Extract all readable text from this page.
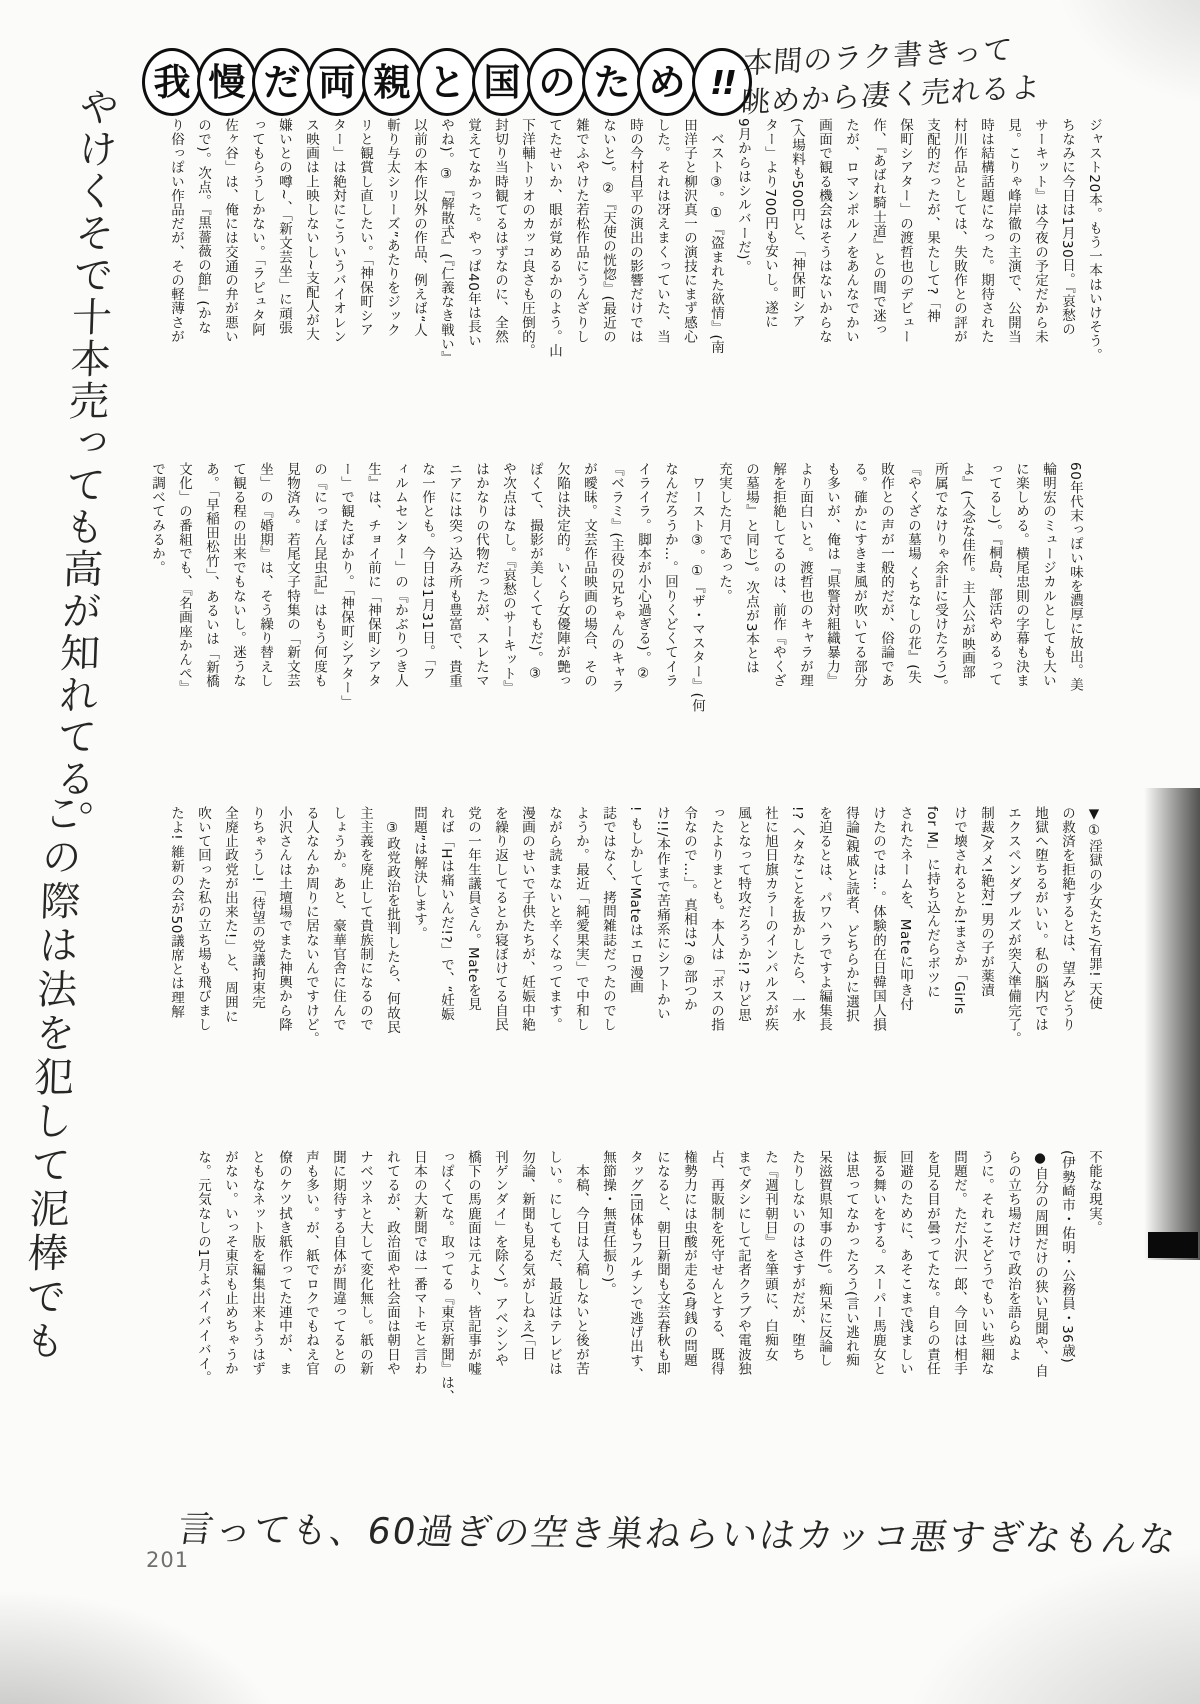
我 慢 だ 両 親 と 国 の た め !!
本間のラク書きって
眺めから凄く売れるよ
やけくそで十本売っても高が知れてる。
この際は法を犯して泥棒でも
言っても、60過ぎの空き巣ねらいはカッコ悪すぎなもんな

ジャスト20本。もう一本はいけそう。

ちなみに今日は1月30日。『哀愁の

サーキット』は今夜の予定だから未

見。こりゃ峰岸徹の主演で、公開当

時は結構話題になった。期待された

村川作品としては、失敗作との評が

支配的だったが、果たして?「神

保町シアター」の渡哲也のデビュー

作、『あばれ騎士道』との間で迷っ

たが、ロマンポルノをあんなでかい

画面で観る機会はそうはないからな

(入場料も500円と、「神保町シア

ター」より700円も安いし。遂に

9月からはシルバーだ)。

　ベスト③。①『盗まれた欲情』(南

田洋子と柳沢真一の演技にまず感心

した。それは冴えまくっていた、当

時の今村昌平の演出の影響だけでは

ないと)。②『天使の恍惚』(最近の

雑でふやけた若松作品にうんざりし

てたせいか、眼が覚めるかのよう。山

下洋輔トリオのカッコ良さも圧倒的。

封切り当時観てるはずなのに、全然

覚えてなかった。やっぱ40年は長い

やね)。③『解散式』(『仁義なき戦い』

以前の本作以外の作品、例えば“人

斬り与太シリーズ”あたりをジック

リと観賞し直したい。「神保町シア

ター」は絶対にこういうバイオレン

ス映画は上映しないし~支配人が大

嫌いとの噂~、「新文芸坐」に頑張

ってもらうしかない。「ラピュタ阿

佐ヶ谷」は、俺には交通の弁が悪い

ので)。次点。『黒薔薇の館』(かな

り俗っぽい作品だが、その軽薄さが

60年代末っぽい味を濃厚に放出。美

輪明宏のミュージカルとしても大い

に楽しめる。横尾忠則の字幕も決ま

ってるし)。『桐島、部活やめるって

よ』(入念な佳作。主人公が映画部

所属でなけりゃ余計に受けたろう)。

『やくざの墓場 くちなしの花』(失

敗作との声が一般的だが、俗論であ

る。確かにすきま風が吹いてる部分

も多いが、俺は『県警対組織暴力』

より面白いと。渡哲也のキャラが理

解を拒絶してるのは、前作『やくざ

の墓場』と同じ)。次点が3本とは

充実した月であった。

　ワースト③。①『ザ・マスター』(何

なんだろうか…。回りくどくてイラ

イライラ。脚本が小心過ぎる)。②

『ベラミ』(主役の兄ちゃんのキャラ

が曖昧。文芸作品映画の場合、その

欠陥は決定的。いくら女優陣が艶っ

ぽくて、撮影が美しくてもだ)。③

や次点はなし。『哀愁のサーキット』

はかなりの代物だったが、スレたマ

ニアには突っ込み所も豊富で、貴重

な一作とも。今日は1月31日。「フ

ィルムセンター」の『かぶりつき人

生』は、チョイ前に「神保町シアタ

ー」で観たばかり。「神保町シアター」

の『にっぽん昆虫記』はもう何度も

見物済み。若尾文子特集の「新文芸

坐」の『婚期』は、そう繰り替えし

て観る程の出来でもないし。迷うな

あ。「早稲田松竹」、あるいは「新橋

文化」の番組でも、『名画座かんぺ』

で調べてみるか。

▼①淫獄の少女たち/有罪! 天使

の救済を拒絶するとは、望みどうり

地獄へ堕ちるがいい。私の脳内では

エクスペンダブルズが突入準備完了。

制裁/ダメ!絶対! 男の子が薬漬

けで壊されるとか!まさか「Girls

for M」に持ち込んだらボツに

されたネームを、Mateに叩き付

けたのでは…。体験的在日韓国人損

得論/親戚と読者、どちらかに選択

を迫るとは、パワハラですよ編集長

!? ヘタなことを抜かしたら、一水

社に旭日旗カラーのインパルスが疾

風となって特攻だろうか!? けど思

ったよりまとも。本人は「ボスの指

令なので…」。真相は? ②部つか

け!!/本作まで苦痛系にシフトかい

! もしかしてMateはエロ漫画

誌ではなく、拷問雑誌だったのでし

ようか。最近「純愛果実」で中和し

ながら読まないと辛くなってます。

漫画のせいで子供たちが、妊娠中絶

を繰り返してるとか寝ぼけてる自民

党の一年生議員さん。Mateを見

れば「Hは痛いんだ!?」で、“妊娠

問題”は解決します。

　③政党政治を批判したら、何故民

主主義を廃止して貴族制になるので

しょうか。あと、豪華官舎に住んで

る人なんか周りに居ないんですけど。

小沢さんは土壇場でまた神輿から降

りちゃうし!「待望の党議拘束完

全廃止政党が出来た!」と、周囲に

吹いて回った私の立ち場も飛びまし

たよ! 維新の会が50議席とは理解

不能な現実。

(伊勢崎市・佑明・公務員・36歳)

●自分の周囲だけの狭い見聞や、自

らの立ち場だけで政治を語らぬよ

うに。それこそどうでもいい些細な

問題だ。ただ小沢一郎、今回は相手

を見る目が曇ってたな。自らの責任

回避のために、あそこまで浅ましい

振る舞いをする。スーパー馬鹿女と

は思ってなかったろう(言い逃れ痴

呆滋賀県知事の件)。痴呆に反論し

たりしないのはさすがだが、堕ち

た『週刊朝日』を筆頭に、白痴女

までダシにして記者クラブや電波独

占、再販制を死守せんとする、既得

権勢力には虫酸が走る(身銭の問題

になると、朝日新聞も文芸春秋も即

タッグ!団体もフルチンで逃げ出す、

無節操・無責任振り)。

　本稿、今日は入稿しないと後が苦

しい。にしてもだ、最近はテレビは

勿論、新聞も見る気がしねえ(「日

刊ゲンダイ」を除く)。アベシンや

橋下の馬鹿面は元より、皆記事が嘘

っぽくてな。取ってる『東京新聞』は、

日本の大新聞では一番マトモと言わ

れてるが、政治面や社会面は朝日や

ナベツネと大して変化無し。紙の新

聞に期待する自体が間違ってるとの

声も多い。が、紙でロクでもねえ官

僚のケツ拭き紙作ってた連中が、ま

ともなネット版を編集出来ようはず

がない。いっそ東京も止めちゃうか

な。元気なしの1月よバイバイバイ。

201
